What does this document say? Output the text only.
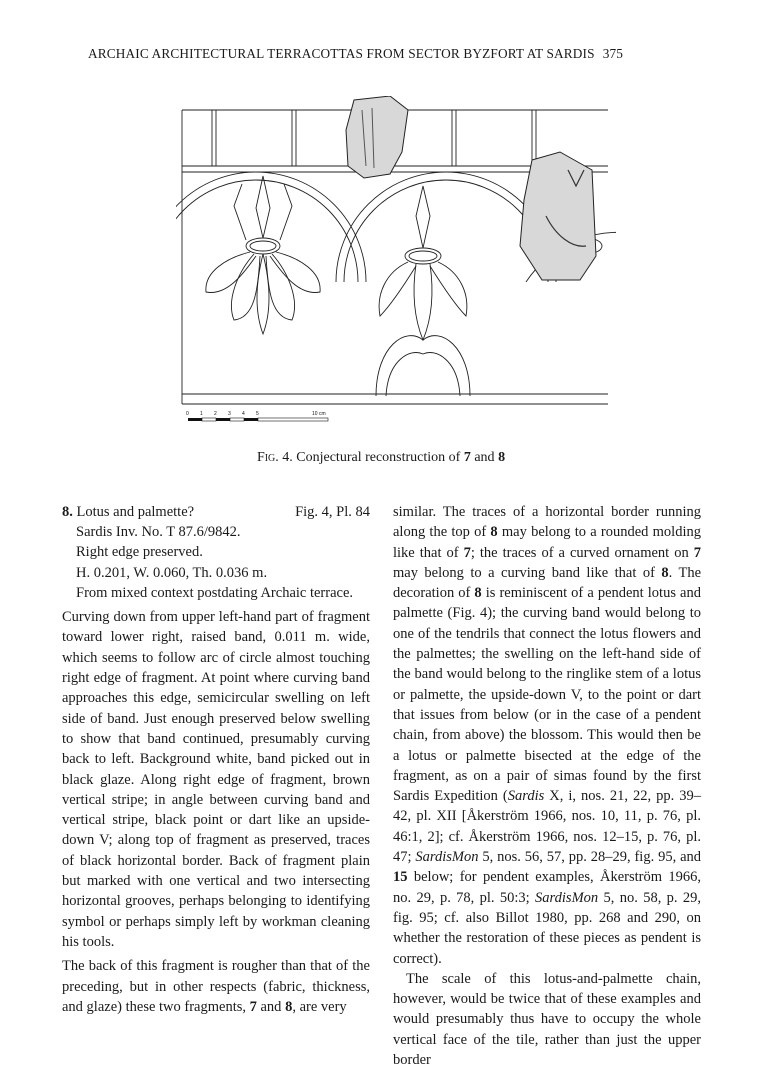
ARCHAIC ARCHITECTURAL TERRACOTTAS FROM SECTOR BYZFORT AT SARDIS 375
0 1 2 3 4 5	10 cm
Fig. 4. Conjectural reconstruction of 7 and 8
8. Lotus and palmette?	Fig. 4, Pl. 84
Sardis Inv. No. T 87.6/9842.
Right edge preserved.
H. 0.201, W. 0.060, Th. 0.036 m.
From mixed context postdating Archaic terrace.

Curving down from upper left-hand part of fragment toward lower right, raised band, 0.011 m. wide, which seems to follow arc of circle almost touching right edge of fragment. At point where curving band approaches this edge, semicircular swelling on left side of band. Just enough preserved below swelling to show that band continued, presumably curving back to left. Background white, band picked out in black glaze. Along right edge of fragment, brown vertical stripe; in angle between curving band and vertical stripe, black point or dart like an upside-down V; along top of fragment as preserved, traces of black horizontal border. Back of fragment plain but marked with one vertical and two intersecting horizontal grooves, perhaps belonging to identifying symbol or perhaps simply left by workman cleaning his tools.

The back of this fragment is rougher than that of the preceding, but in other respects (fabric, thickness, and glaze) these two fragments, 7 and 8, are very

similar. The traces of a horizontal border running along the top of 8 may belong to a rounded molding like that of 7; the traces of a curved ornament on 7 may belong to a curving band like that of 8. The decoration of 8 is reminiscent of a pendent lotus and palmette (Fig. 4); the curving band would belong to one of the tendrils that connect the lotus flowers and the palmettes; the swelling on the left-hand side of the band would belong to the ringlike stem of a lotus or palmette, the upside-down V, to the point or dart that issues from below (or in the case of a pendent chain, from above) the blossom. This would then be a lotus or palmette bisected at the edge of the fragment, as on a pair of simas found by the first Sardis Expedition (Sardis X, i, nos. 21, 22, pp. 39–42, pl. XII [Åkerström 1966, nos. 10, 11, p. 76, pl. 46:1, 2]; cf. Åkerström 1966, nos. 12–15, p. 76, pl. 47; SardisMon 5, nos. 56, 57, pp. 28–29, fig. 95, and 15 below; for pendent examples, Åkerström 1966, no. 29, p. 78, pl. 50:3; SardisMon 5, no. 58, p. 29, fig. 95; cf. also Billot 1980, pp. 268 and 290, on whether the restoration of these pieces as pendent is correct).

The scale of this lotus-and-palmette chain, however, would be twice that of these examples and would presumably thus have to occupy the whole vertical face of the tile, rather than just the upper border
